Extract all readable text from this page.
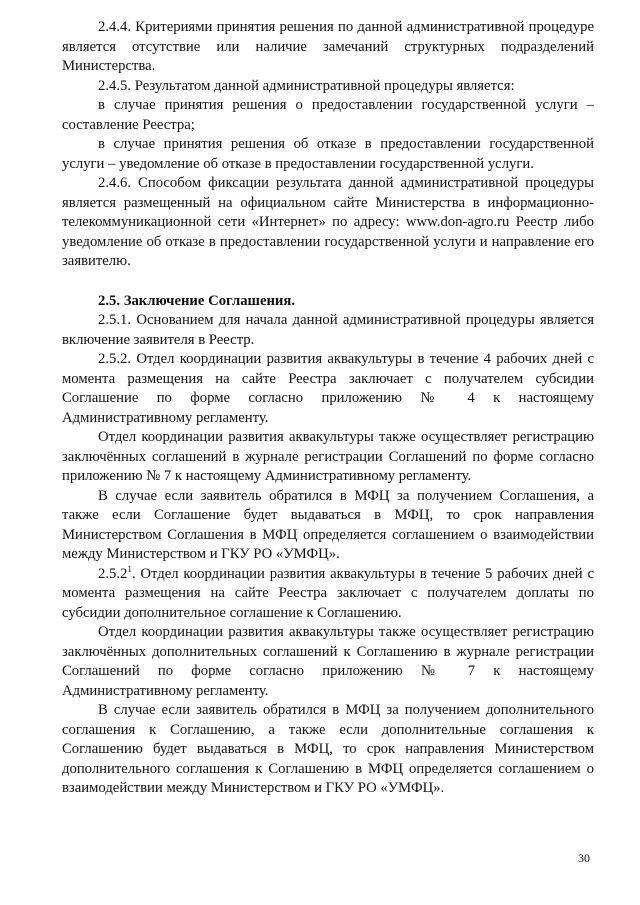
2.4.4. Критериями принятия решения по данной административной процедуре является отсутствие или наличие замечаний структурных подразделений Министерства.

2.4.5. Результатом данной административной процедуры является:

в случае принятия решения о предоставлении государственной услуги – составление Реестра;

в случае принятия решения об отказе в предоставлении государственной услуги – уведомление об отказе в предоставлении государственной услуги.

2.4.6. Способом фиксации результата данной административной процедуры является размещенный на официальном сайте Министерства в информационно-телекоммуникационной сети «Интернет» по адресу: www.don-agro.ru Реестр либо уведомление об отказе в предоставлении государственной услуги и направление его заявителю.

2.5. Заключение Соглашения.

2.5.1. Основанием для начала данной административной процедуры является включение заявителя в Реестр.

2.5.2. Отдел координации развития аквакультуры в течение 4 рабочих дней с момента размещения на сайте Реестра заключает с получателем субсидии Соглашение по форме согласно приложению № 4 к настоящему Административному регламенту.

Отдел координации развития аквакультуры также осуществляет регистрацию заключённых соглашений в журнале регистрации Соглашений по форме согласно приложению № 7 к настоящему Административному регламенту.

В случае если заявитель обратился в МФЦ за получением Соглашения, а также если Соглашение будет выдаваться в МФЦ, то срок направления Министерством Соглашения в МФЦ определяется соглашением о взаимодействии между Министерством и ГКУ РО «УМФЦ».

2.5.2$^1$. Отдел координации развития аквакультуры в течение 5 рабочих дней с момента размещения на сайте Реестра заключает с получателем доплаты по субсидии дополнительное соглашение к Соглашению.

Отдел координации развития аквакультуры также осуществляет регистрацию заключённых дополнительных соглашений к Соглашению в журнале регистрации Соглашений по форме согласно приложению № 7 к настоящему Административному регламенту.

В случае если заявитель обратился в МФЦ за получением дополнительного соглашения к Соглашению, а также если дополнительные соглашения к Соглашению будет выдаваться в МФЦ, то срок направления Министерством дополнительного соглашения к Соглашению в МФЦ определяется соглашением о взаимодействии между Министерством и ГКУ РО «УМФЦ».

30
